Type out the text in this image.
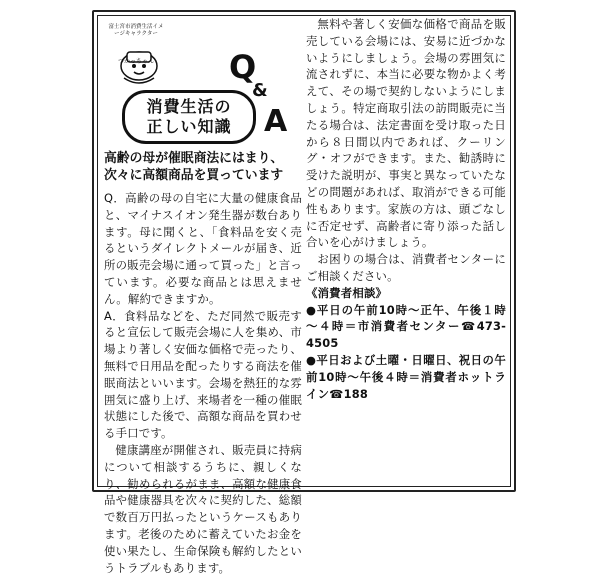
富士宮市消費生活イメージキャラクター
つかっちゃん Q
&
A
消費生活の
正しい知識

高齢の母が催眠商法にはまり、次々に高額商品を買っています

Q．高齢の母の自宅に大量の健康食品と、マイナスイオン発生器が数台あります。母に聞くと、「食料品を安く売るというダイレクトメールが届き、近所の販売会場に通って買った」と言っています。必要な商品とは思えません。解約できますか。

A．食料品などを、ただ同然で販売すると宣伝して販売会場に人を集め、市場より著しく安価な価格で売ったり、無料で日用品を配ったりする商法を催眠商法といいます。会場を熱狂的な雰囲気に盛り上げ、来場者を一種の催眠状態にした後で、高額な商品を買わせる手口です。

健康講座が開催され、販売員に持病について相談するうちに、親しくなり、勧められるがまま、高額な健康食品や健康器具を次々に契約した、総額で数百万円払ったというケースもあります。老後のために蓄えていたお金を使い果たし、生命保険も解約したというトラブルもあります。

無料や著しく安価な価格で商品を販売している会場には、安易に近づかないようにしましょう。会場の雰囲気に流されずに、本当に必要な物かよく考えて、その場で契約しないようにしましょう。特定商取引法の訪問販売に当たる場合は、法定書面を受け取った日から８日間以内であれば、クーリング・オフができます。また、勧誘時に受けた説明が、事実と異なっていたなどの問題があれば、取消ができる可能性もあります。家族の方は、頭ごなしに否定せず、高齢者に寄り添った話し合いを心がけましょう。

お困りの場合は、消費者センターにご相談ください。

《消費者相談》

●平日の午前10時～正午、午後１時～４時＝市消費者センター☎473-4505

●平日および土曜・日曜日、祝日の午前10時～午後４時＝消費者ホットライン☎188
